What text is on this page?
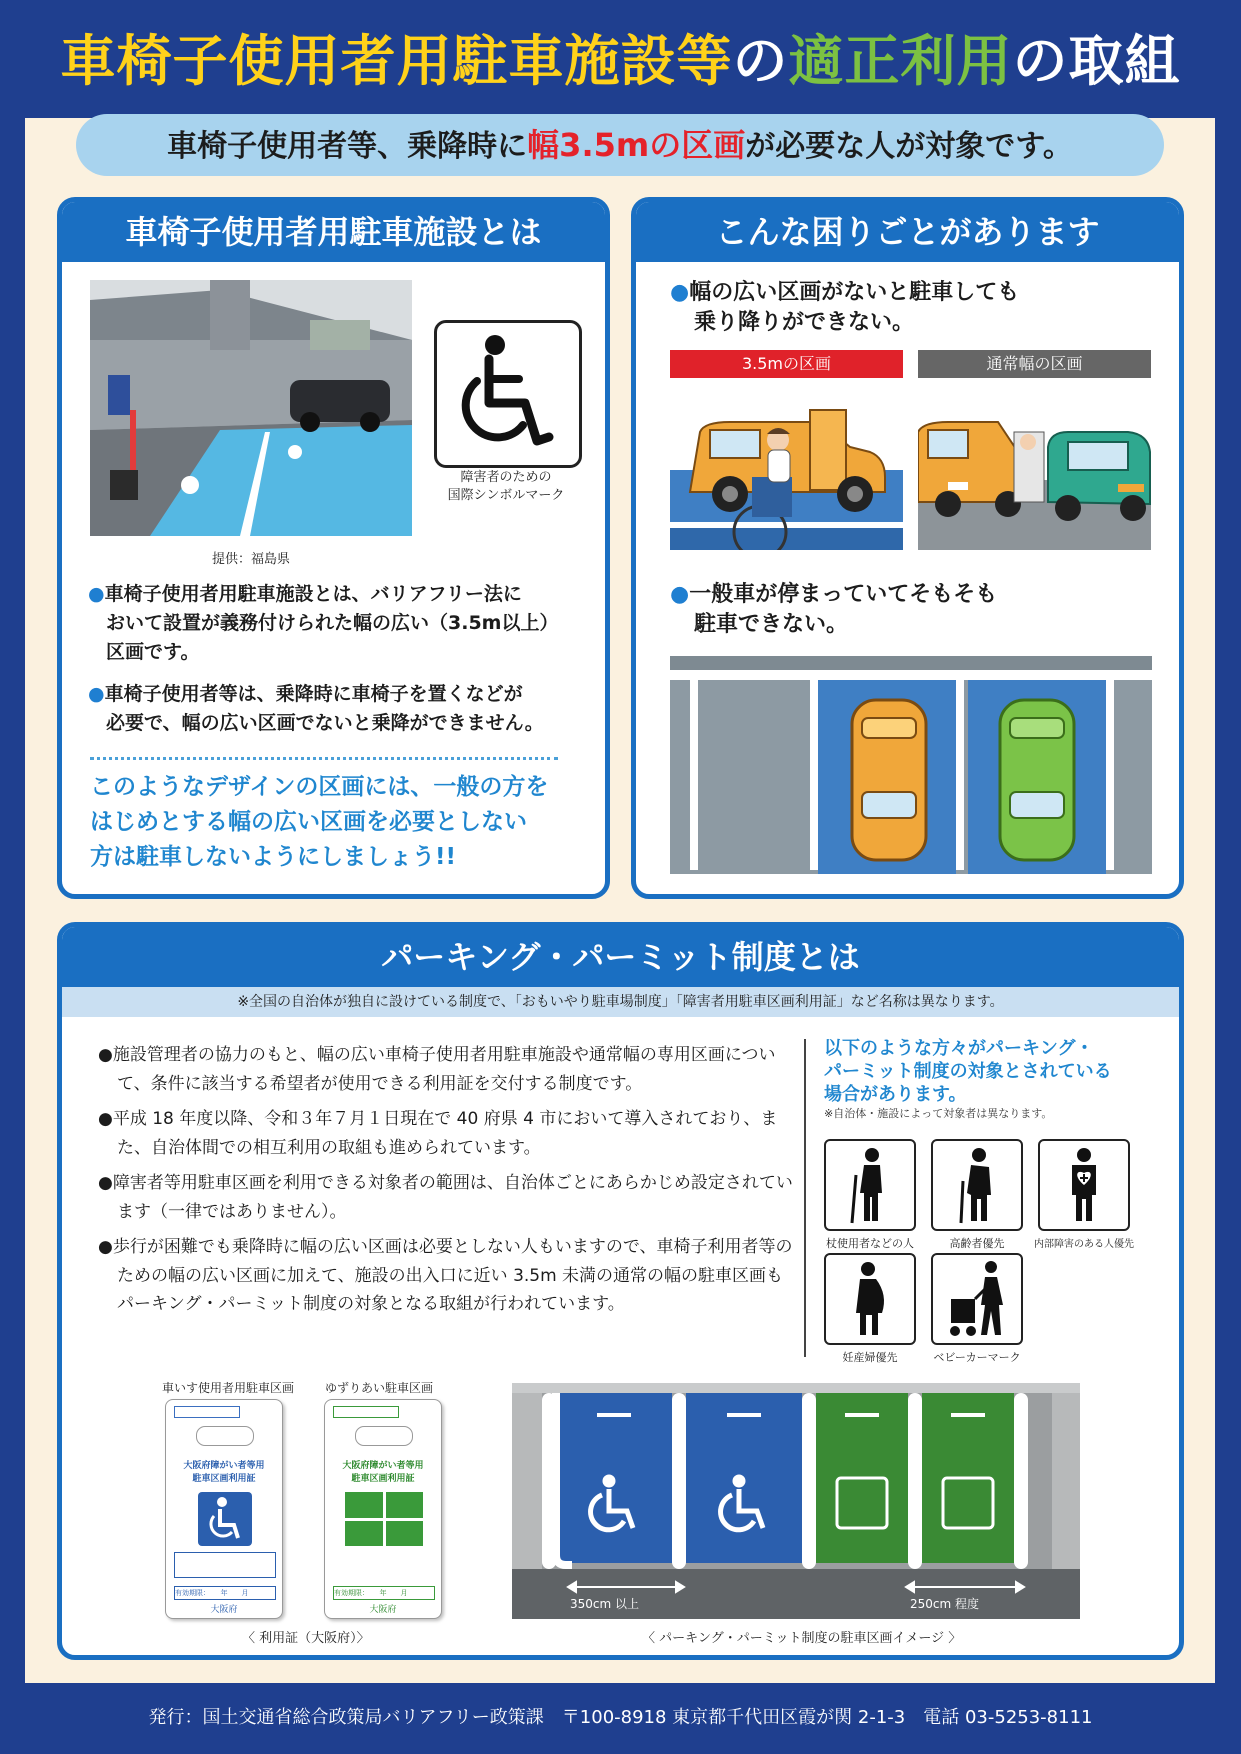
車椅子使用者用駐車施設等の適正利用の取組
車椅子使用者等、乗降時に幅3.5mの区画が必要な人が対象です。
車椅子使用者用駐車施設とは
障害者のための
国際シンボルマーク
提供：福島県
●車椅子使用者用駐車施設とは、バリアフリー法に
おいて設置が義務付けられた幅の広い（3.5m以上）
区画です。
●車椅子使用者等は、乗降時に車椅子を置くなどが
必要で、幅の広い区画でないと乗降ができません。
このようなデザインの区画には、一般の方を
はじめとする幅の広い区画を必要としない
方は駐車しないようにしましょう!!
こんな困りごとがあります
●幅の広い区画がないと駐車しても
乗り降りができない。
3.5mの区画	通常幅の区画
●一般車が停まっていてそもそも
駐車できない。
パーキング・パーミット制度とは
※全国の自治体が独自に設けている制度で、「おもいやり駐車場制度」「障害者用駐車区画利用証」など名称は異なります。
●施設管理者の協力のもと、幅の広い車椅子使用者用駐車施設や通常幅の専用区画について、条件に該当する希望者が使用できる利用証を交付する制度です。
●平成 18 年度以降、令和３年７月１日現在で 40 府県 4 市において導入されており、また、自治体間での相互利用の取組も進められています。
●障害者等用駐車区画を利用できる対象者の範囲は、自治体ごとにあらかじめ設定されています（一律ではありません）。
●歩行が困難でも乗降時に幅の広い区画は必要としない人もいますので、車椅子利用者等のための幅の広い区画に加えて、施設の出入口に近い 3.5m 未満の通常の幅の駐車区画もパーキング・パーミット制度の対象となる取組が行われています。
以下のような方々がパーキング・
パーミット制度の対象とされている
場合があります。
※自治体・施設によって対象者は異なります。
杖使用者などの人	高齢者優先	内部障害のある人優先
妊産婦優先	ベビーカーマーク
車いす使用者用駐車区画	ゆずりあい駐車区画
大阪府障がい者等用
駐車区画利用証
有効期限：　　年　　月
大阪府
大阪府障がい者等用
駐車区画利用証
有効期限：　　年　　月
大阪府
〈 利用証（大阪府）〉
350cm 以上	250cm 程度
〈 パーキング・パーミット制度の駐車区画イメージ 〉
発行：国土交通省総合政策局バリアフリー政策課　〒100-8918 東京都千代田区霞が関 2-1-3　電話 03-5253-8111
